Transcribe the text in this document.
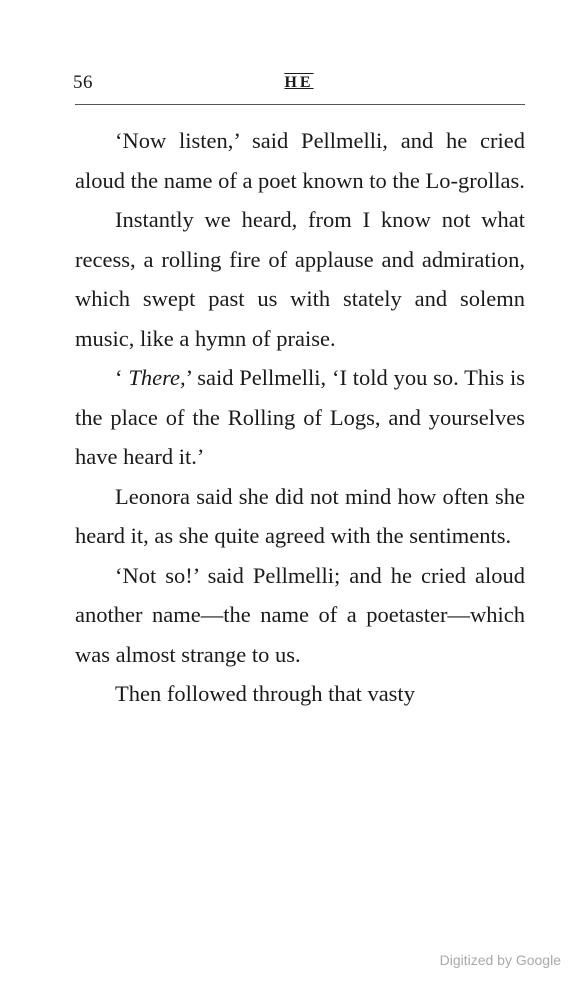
56	HE

‘Now listen,’ said Pellmelli, and he cried aloud the name of a poet known to the Lo-grollas.

Instantly we heard, from I know not what recess, a rolling fire of applause and admiration, which swept past us with stately and solemn music, like a hymn of praise.

‘ There,’ said Pellmelli, ‘I told you so. This is the place of the Rolling of Logs, and yourselves have heard it.’

Leonora said she did not mind how often she heard it, as she quite agreed with the sentiments.

‘Not so!’ said Pellmelli; and he cried aloud another name—the name of a poetaster—which was almost strange to us.

Then followed through that vasty

Digitized by Google
